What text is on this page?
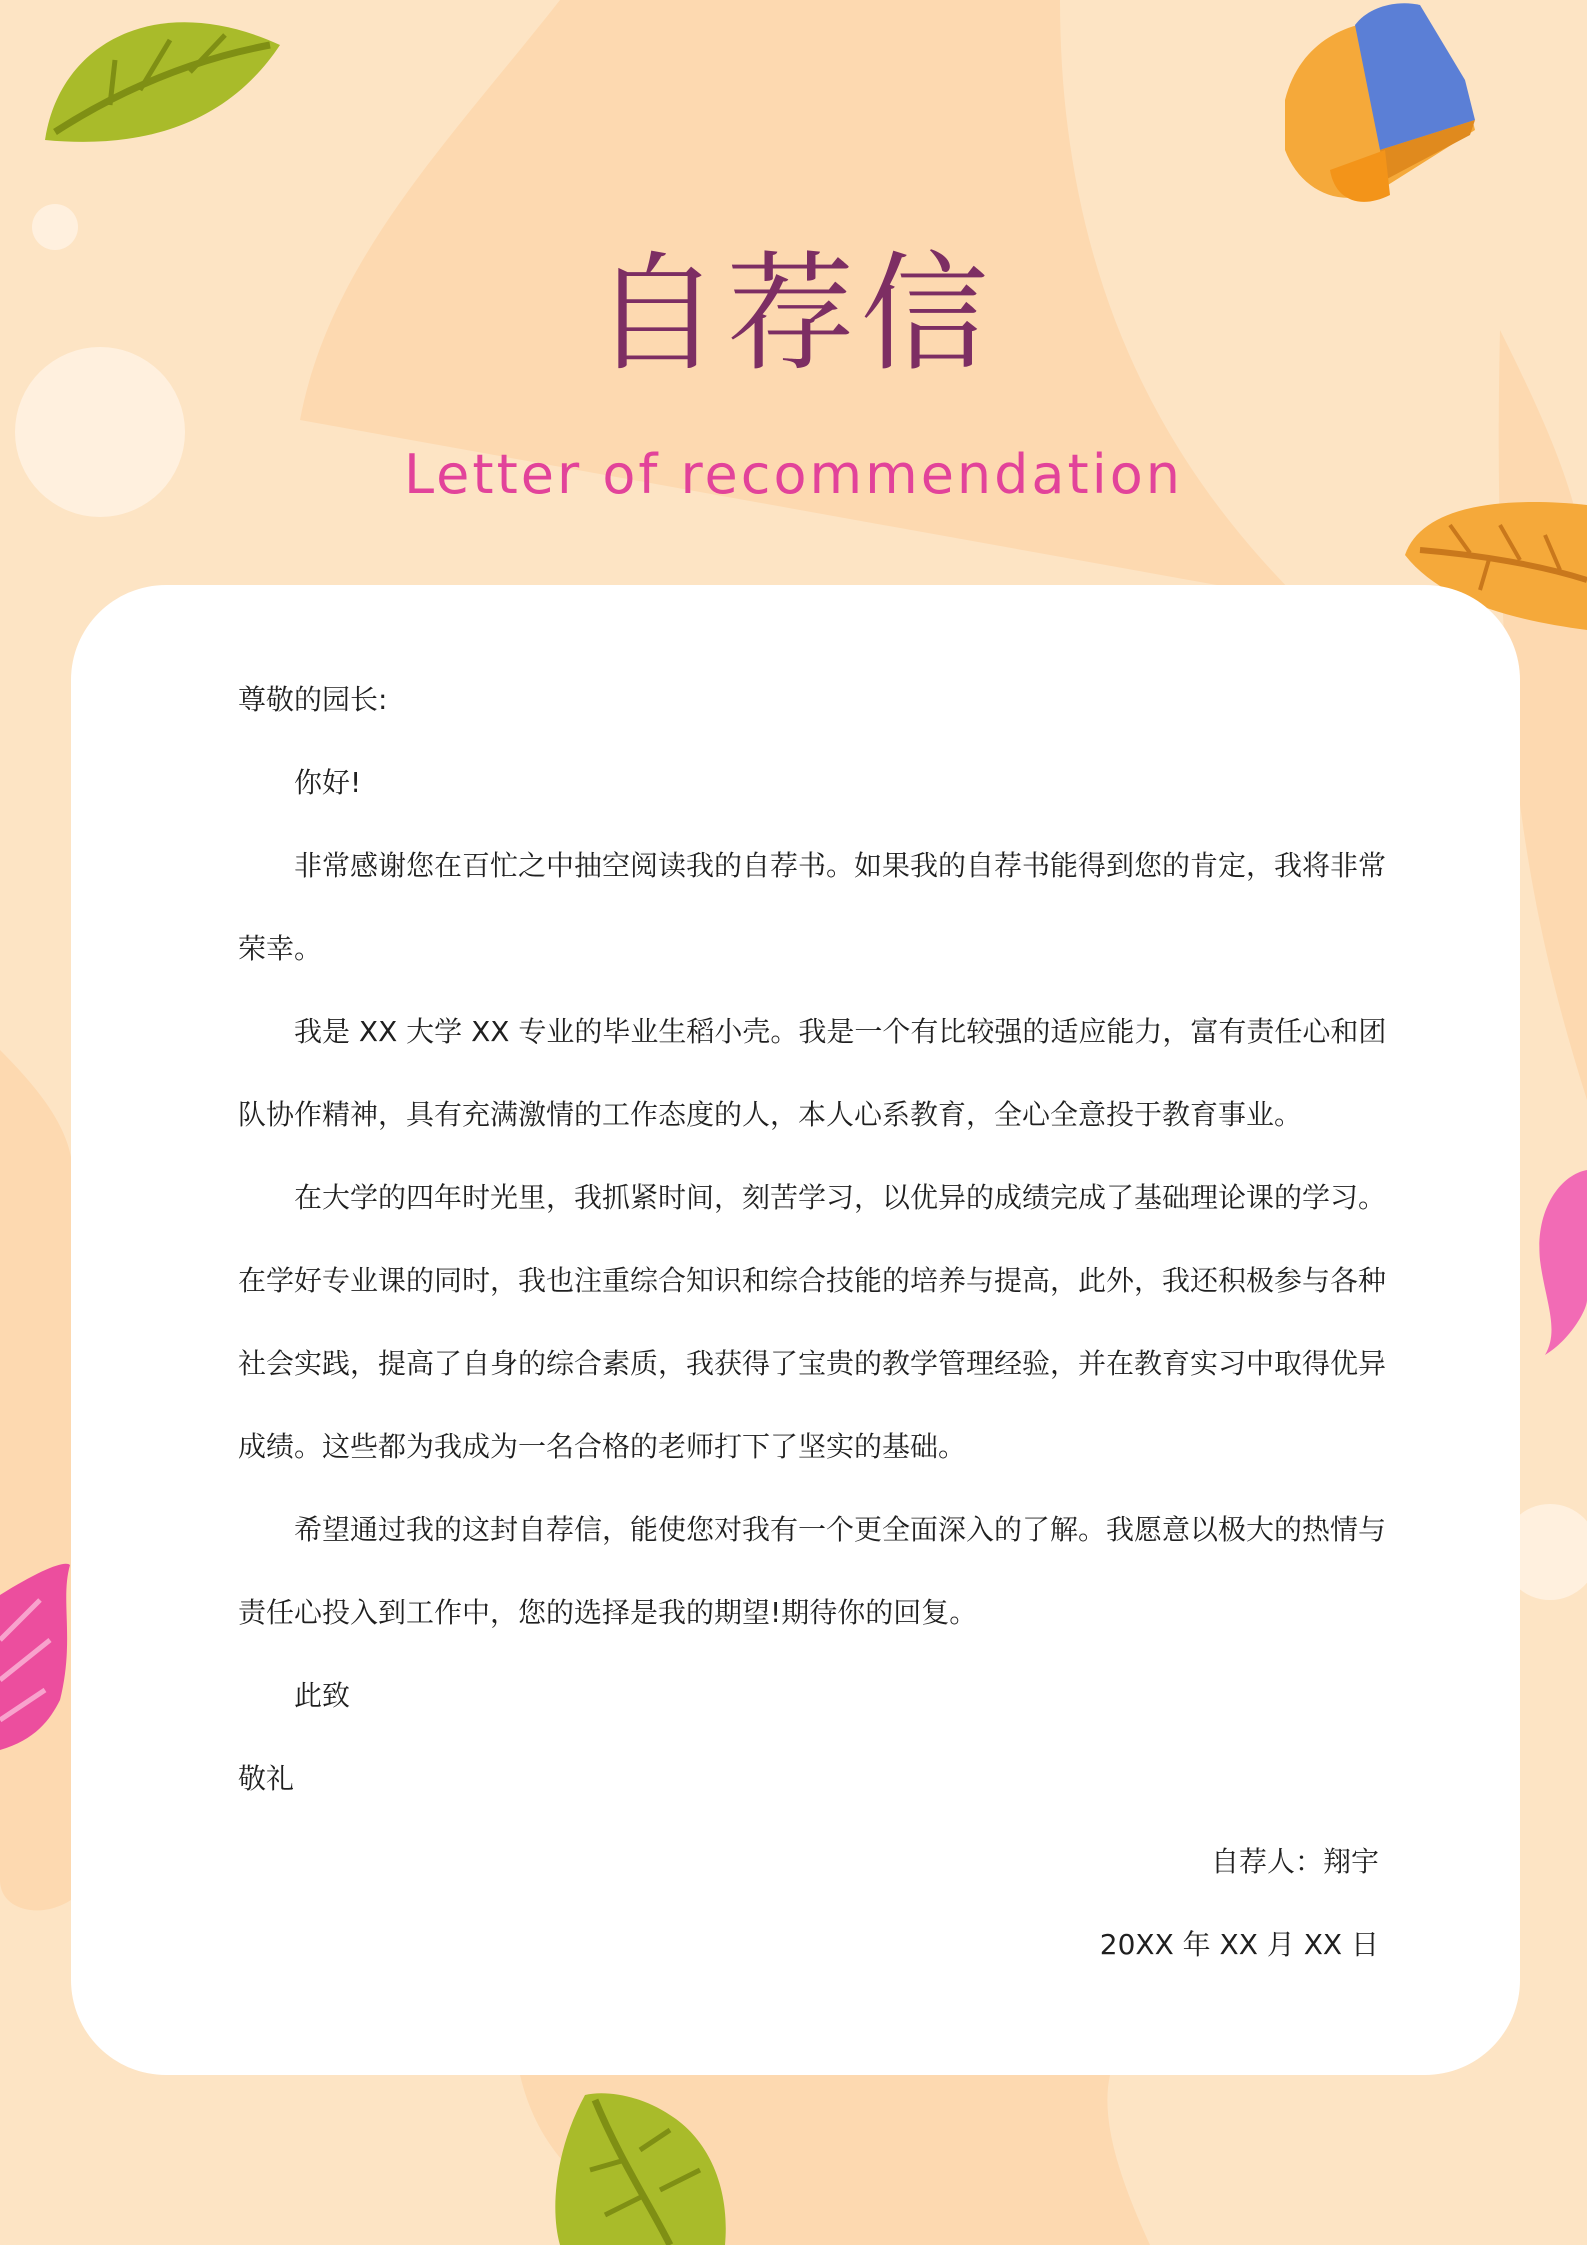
自荐信
Letter of recommendation

尊敬的园长:

你好!

非常感谢您在百忙之中抽空阅读我的自荐书。如果我的自荐书能得到您的肯定，我将非常

荣幸。

我是 XX 大学 XX 专业的毕业生稻小壳。我是一个有比较强的适应能力，富有责任心和团

队协作精神，具有充满激情的工作态度的人，本人心系教育，全心全意投于教育事业。

在大学的四年时光里，我抓紧时间，刻苦学习，以优异的成绩完成了基础理论课的学习。

在学好专业课的同时，我也注重综合知识和综合技能的培养与提高，此外，我还积极参与各种

社会实践，提高了自身的综合素质，我获得了宝贵的教学管理经验，并在教育实习中取得优异

成绩。这些都为我成为一名合格的老师打下了坚实的基础。

希望通过我的这封自荐信，能使您对我有一个更全面深入的了解。我愿意以极大的热情与

责任心投入到工作中，您的选择是我的期望!期待你的回复。

此致

敬礼

自荐人：翔宇

20XX 年 XX 月 XX 日
